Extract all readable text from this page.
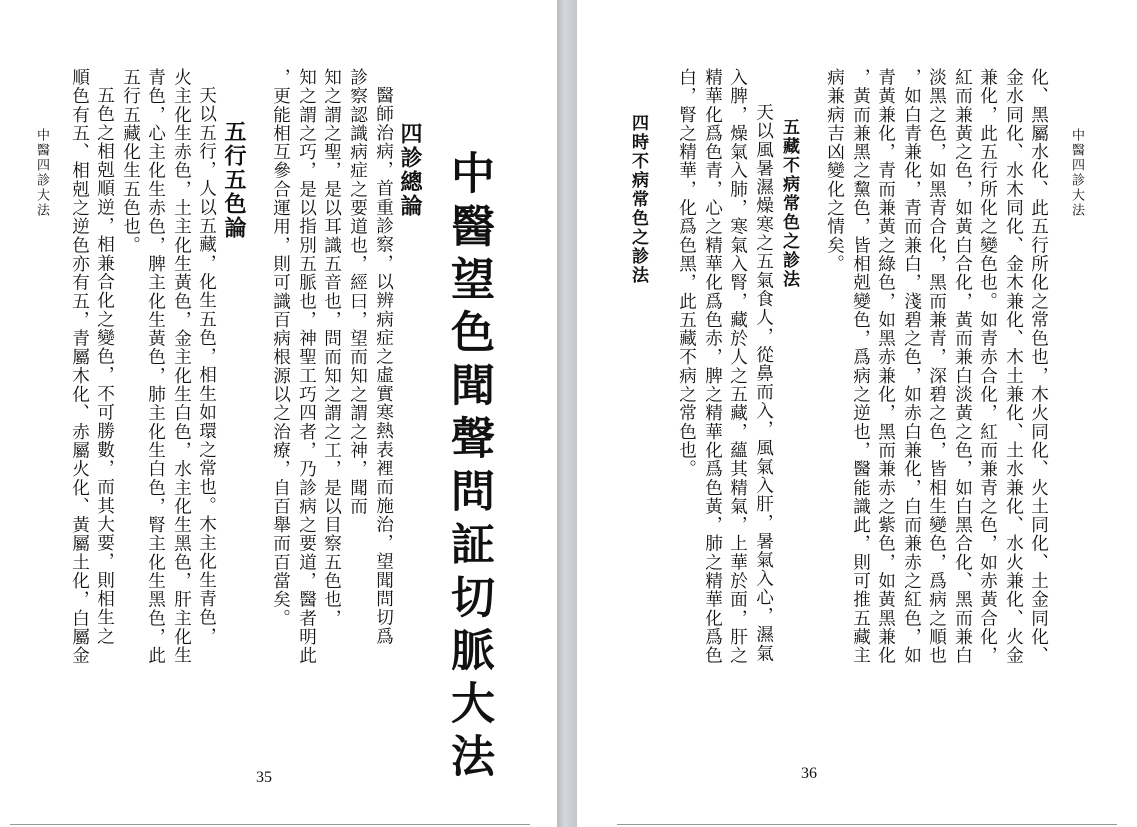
中醫四診大法 順色有五、相剋之逆色亦有五，青屬木化、赤屬火化、黃屬土化，白屬金 五色之相剋順逆，相兼合化之變色，不可勝數，而其大要，則相生之 五行五藏化生五色也。 青色，心主化生赤色，脾主化生黃色，肺主化生白色，腎主化生黑色，此 火主化生赤色，土主化生黃色，金主化生白色，水主化生黑色，肝主化生 天以五行，人以五藏，化生五色，相生如環之常也。木主化生青色， 五行五色論 ，更能相互參合運用，則可識百病根源以之治療，自百舉而百當矣。 知之謂之巧，是以指別五脈也，神聖工巧四者，乃診病之要道，醫者明此 知之謂之聖，是以耳識五音也，問而知之謂之工，是以目察五色也， 診察認識病症之要道也，經曰，望而知之謂之神，聞而 醫師治病，首重診察，以辨病症之虛實寒熱表裡而施治，望聞問切爲 四診總論 中醫望色聞聲問証切脈大法
35
四時不病常色之診法 白，腎之精華，化爲色黑，此五藏不病之常色也。 精華化爲色青，心之精華化爲色赤，脾之精華化爲色黃，肺之精華化爲色 入脾，燥氣入肺，寒氣入腎，藏於人之五藏，蘊其精氣，上華於面，肝之 天以風暑濕燥寒之五氣食人，從鼻而入，風氣入肝，暑氣入心，濕氣 五藏不病常色之診法 病兼病吉凶變化之情矣。 ，黃而兼黑之黧色，皆相剋變色，爲病之逆也，醫能識此，則可推五藏主 青黃兼化，青而兼黃之綠色，如黑赤兼化，黑而兼赤之紫色，如黃黑兼化 ，如白青兼化，青而兼白，淺碧之色，如赤白兼化，白而兼赤之紅色，如 淡黑之色，如黑青合化，黑而兼青，深碧之色，皆相生變色，爲病之順也 紅而兼黃之色，如黃白合化，黃而兼白淡黃之色，如白黑合化、黑而兼白 兼化，此五行所化之變色也。如青赤合化，紅而兼青之色，如赤黃合化， 金水同化、水木同化、金木兼化、木土兼化、土水兼化、水火兼化、火金 化、黑屬水化、此五行所化之常色也，木火同化、火土同化、土金同化、 中醫四診大法
36
